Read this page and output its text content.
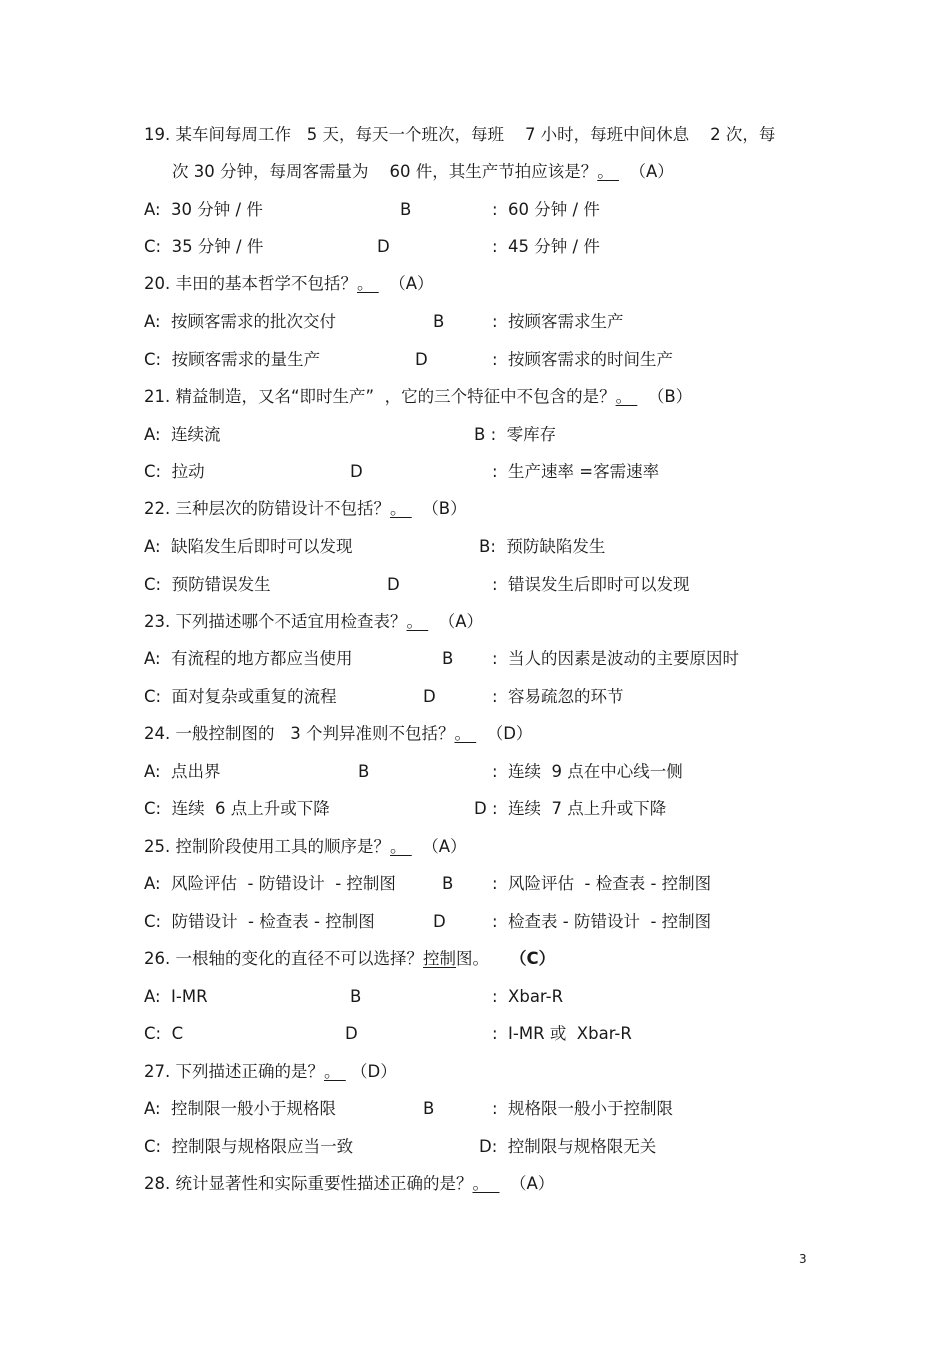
19. 某车间每周工作   5 天，每天一个班次，每班    7 小时，每班中间休息    2 次，每
次 30 分钟，每周客需量为    60 件，其生产节拍应该是？。   （A）
A:  30 分钟 / 件	B	:  60 分钟 / 件
C:  35 分钟 / 件	D	:  45 分钟 / 件
20. 丰田的基本哲学不包括？。   （A）
A:  按顾客需求的批次交付	B	:  按顾客需求生产
C:  按顾客需求的量生产	D	:  按顾客需求的时间生产
21. 精益制造，又名“即时生产”  ，它的三个特征中不包含的是？。   （B）
A:  连续流	B :  零库存
C:  拉动	D	:  生产速率 =客需速率
22. 三种层次的防错设计不包括？。   （B）
A:  缺陷发生后即时可以发现	B:  预防缺陷发生
C:  预防错误发生	D	:  错误发生后即时可以发现
23. 下列描述哪个不适宜用检查表？。   （A）
A:  有流程的地方都应当使用	B :  当人的因素是波动的主要原因时
C:  面对复杂或重复的流程	D	:  容易疏忽的环节
24. 一般控制图的   3 个判异准则不包括？。   （D）
A:  点出界	B	:  连续  9 点在中心线一侧
C:  连续  6 点上升或下降	D :  连续  7 点上升或下降
25. 控制阶段使用工具的顺序是？。   （A）
A:  风险评估  - 防错设计  - 控制图	B :  风险评估  - 检查表 - 控制图
C:  防错设计  - 检查表 - 控制图	D	:  检查表 - 防错设计  - 控制图
26. 一根轴的变化的直径不可以选择？控制图。 （C）
A:  I-MR	B	:  Xbar-R
C:  C	D	:  I-MR 或  Xbar-R
27. 下列描述正确的是？。  （D）
A:  控制限一般小于规格限	B	:  规格限一般小于控制限
C:  控制限与规格限应当一致	D:  控制限与规格限无关
28. 统计显著性和实际重要性描述正确的是？。    （A）
3
